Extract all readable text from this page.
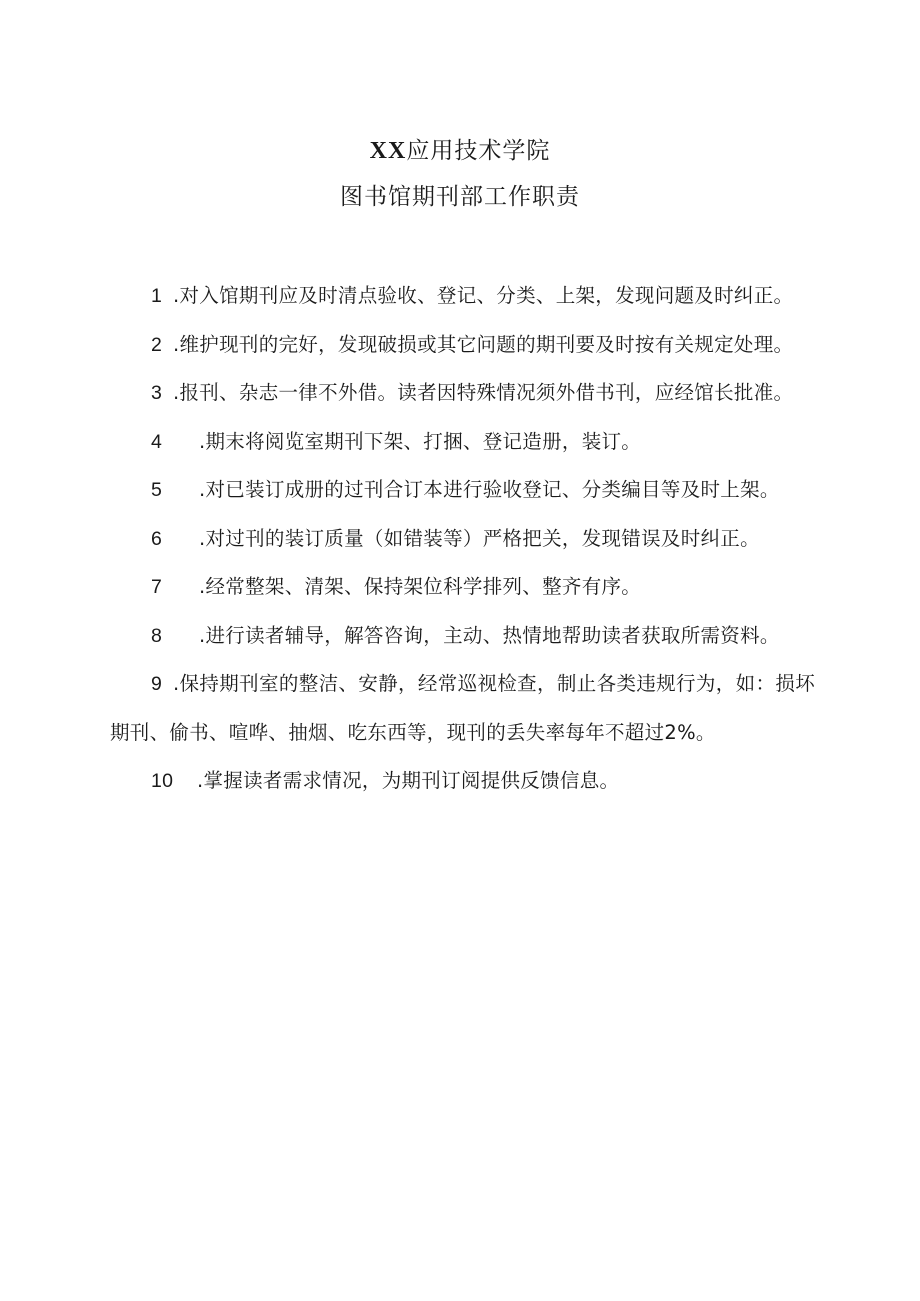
XX应用技术学院
图书馆期刊部工作职责

1 .对入馆期刊应及时清点验收、登记、分类、上架，发现问题及时纠正。

2 .维护现刊的完好，发现破损或其它问题的期刊要及时按有关规定处理。

3 .报刊、杂志一律不外借。读者因特殊情况须外借书刊，应经馆长批准。

4 .期末将阅览室期刊下架、打捆、登记造册，装订。

5 .对已装订成册的过刊合订本进行验收登记、分类编目等及时上架。

6 .对过刊的装订质量（如错装等）严格把关，发现错误及时纠正。

7 .经常整架、清架、保持架位科学排列、整齐有序。

8 .进行读者辅导，解答咨询，主动、热情地帮助读者获取所需资料。

9 .保持期刊室的整洁、安静，经常巡视检查，制止各类违规行为，如：损坏期刊、偷书、喧哗、抽烟、吃东西等，现刊的丢失率每年不超过2%。

10 .掌握读者需求情况，为期刊订阅提供反馈信息。
